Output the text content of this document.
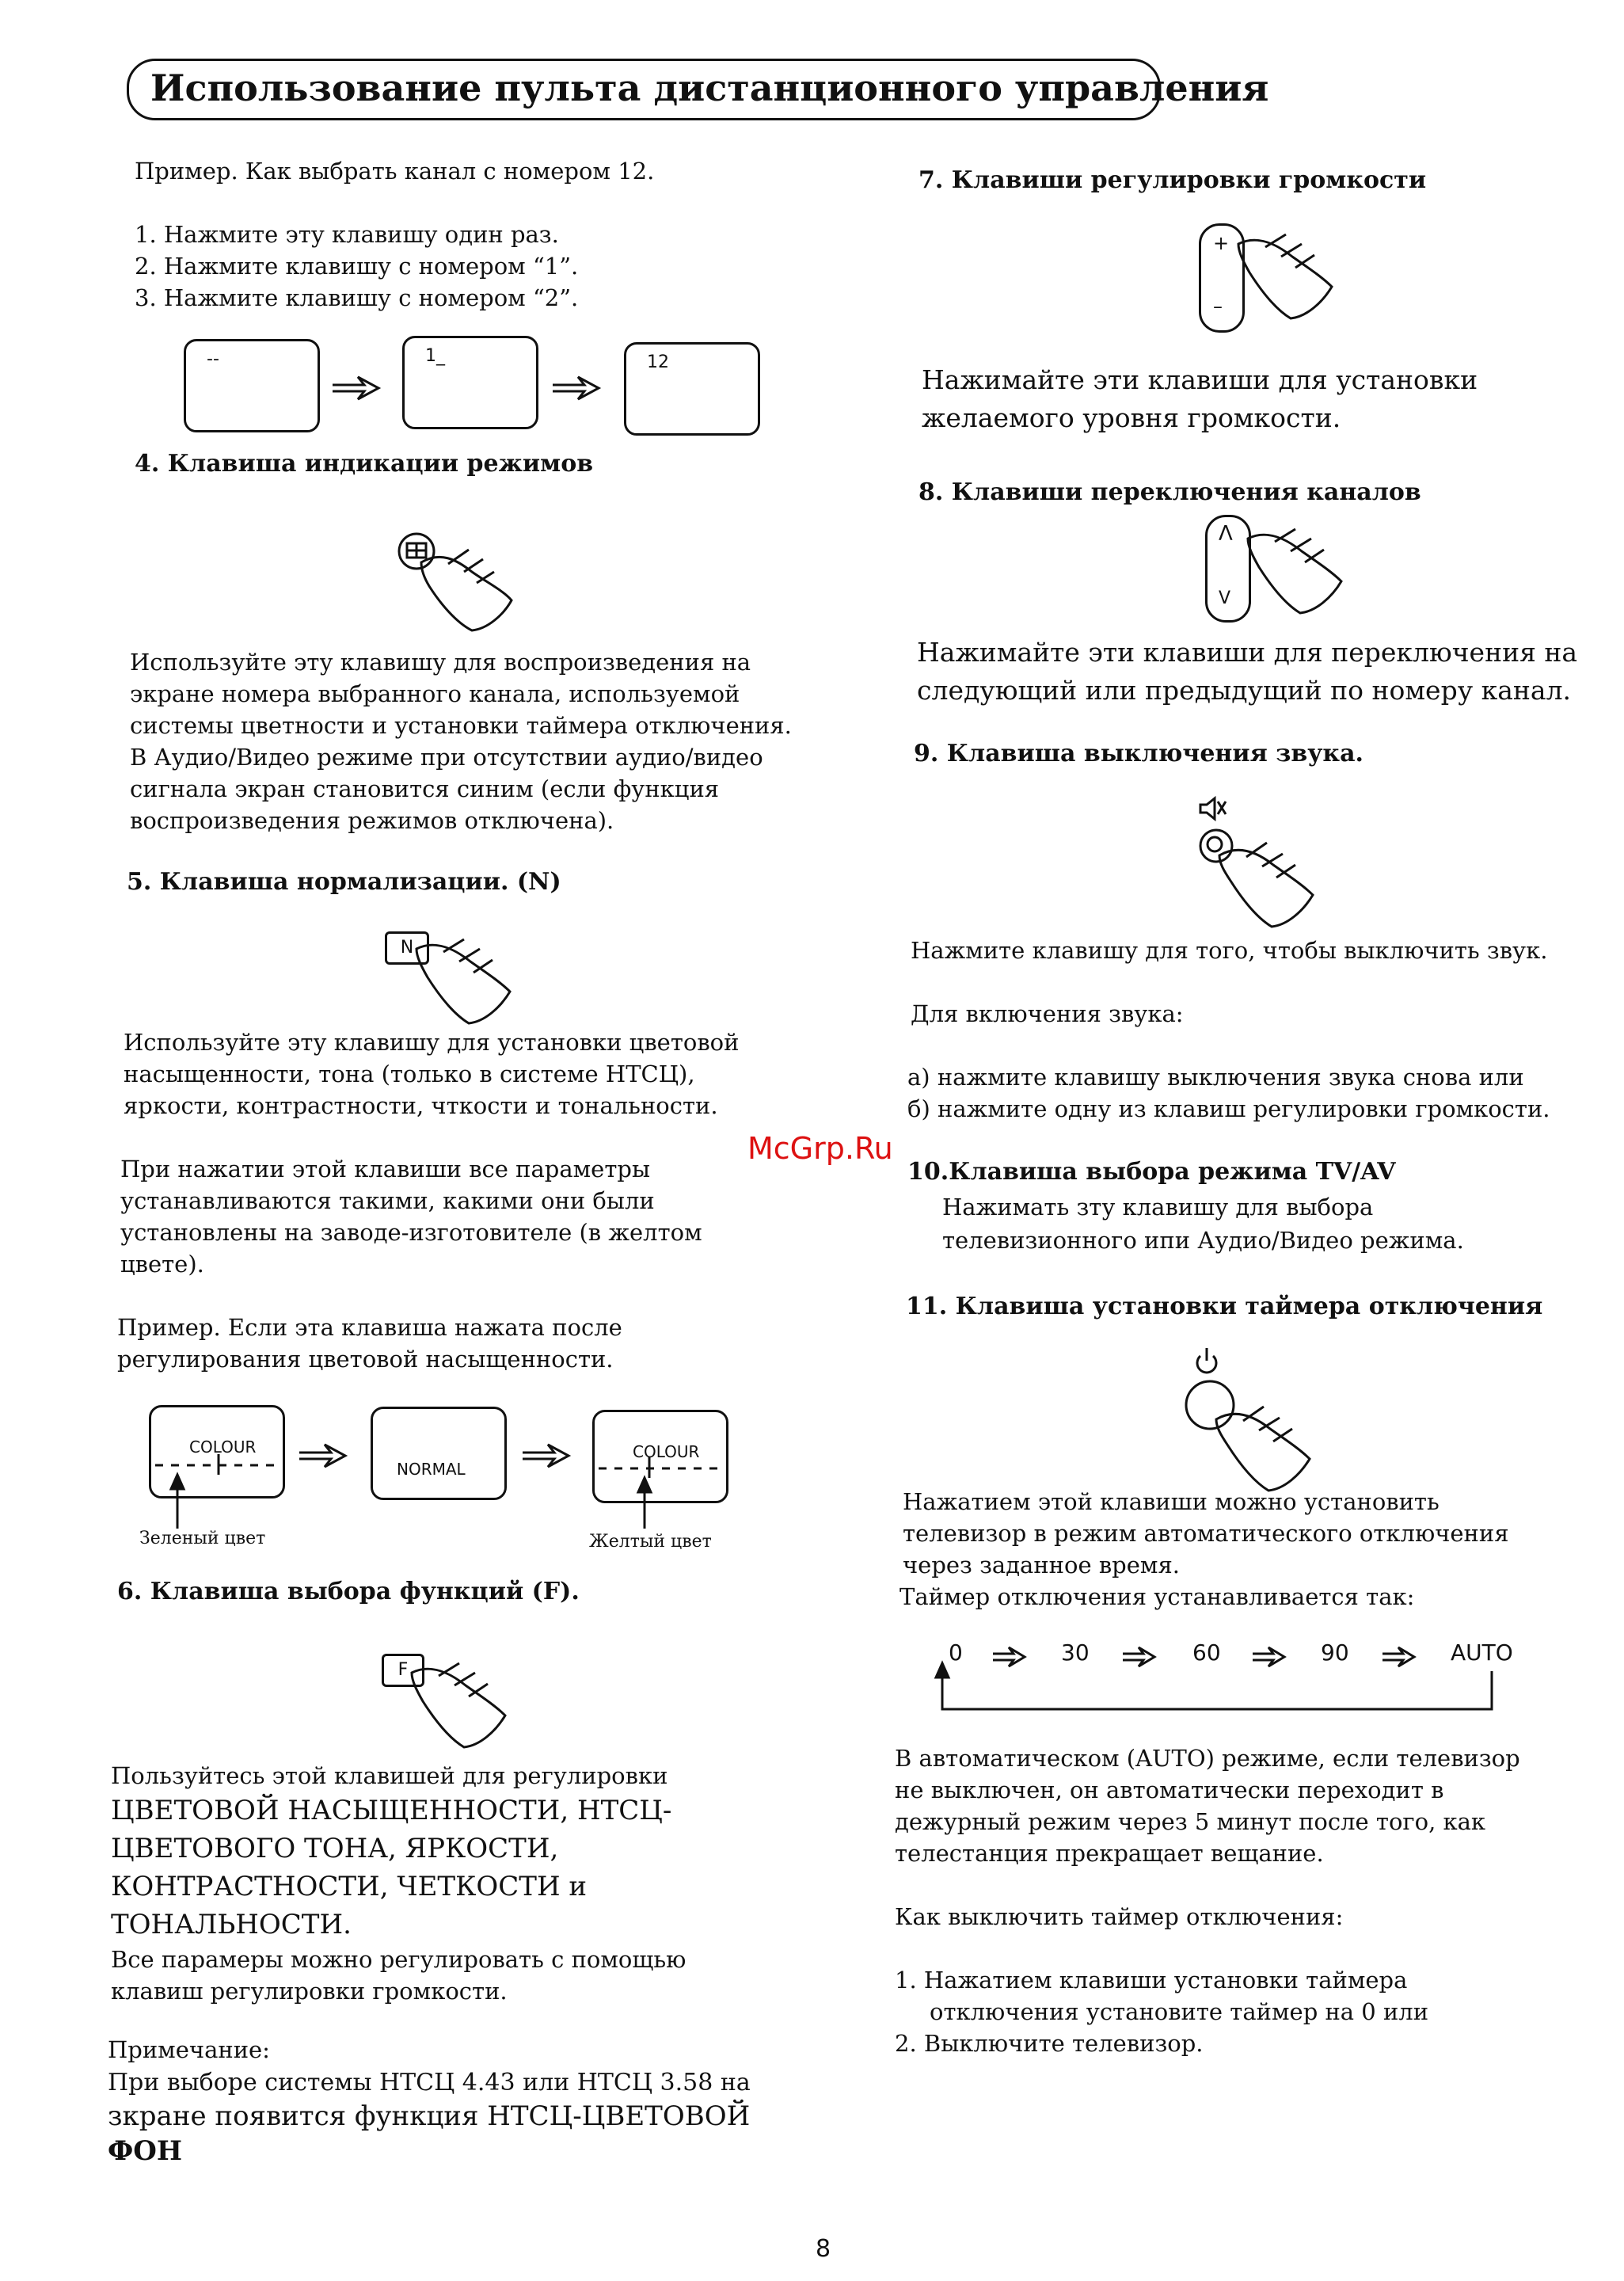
Использование пульта дистанционного управления
Пример. Как выбрать канал с номером 12.
1. Нажмите эту клавишу один раз.
2. Нажмите клавишу с номером “1”.
3. Нажмите клавишу с номером “2”.
--	1_	12
4. Клавиша индикации режимов
Используйте эту клавишу для воспроизведения на
экране номера выбранного канала, используемой
системы цветности и установки таймера отключения.
В Аудио/Видео режиме при отсутствии аудио/видео
сигнала экран становится синим (если функция
воспроизведения режимов отключена).
5. Клавиша нормализации. (N)
N
Используйте эту клавишу для установки цветовой
насыщенности, тона (только в системе НТСЦ),
яркости, контрастности, чткости и тональности.
При нажатии этой клавиши все параметры
устанавливаются такими, какими они были
установлены на заводе-изготовителе (в желтом
цвете).
Пример. Если эта клавиша нажата после
регулирования цветовой насыщенности.
COLOUR
NORMAL
COLOUR
Зеленый цвет	Желтый цвет
6. Клавиша выбора функций (F).
F
Пользуйтесь этой клавишей для регулировки
ЦВЕТОВОЙ НАСЫЩЕННОСТИ, НТСЦ-
ЦВЕТОВОГО ТОНА, ЯРКОСТИ,
КОНТРАСТНОСТИ, ЧЕТКОСТИ и
ТОНАЛЬНОСТИ.
Все парамеры можно регулировать с помощью
клавиш регулировки громкости.
Примечание:
При выборе системы НТСЦ 4.43 или НТСЦ 3.58 на
зкране появится функция НТСЦ-ЦВЕТОВОЙ
ФОН
7. Клавиши регулировки громкости
+
–
Нажимайте эти клавиши для установки
желаемого уровня громкости.
8. Клавиши переключения каналов
Λ
V
Нажимайте эти клавиши для переключения на
следующий или предыдущий по номеру канал.
9. Клавиша выключения звука.
Нажмите клавишу для того, чтобы выключить звук.
Для включения звука:
а) нажмите клавишу выключения звука снова или
б) нажмите одну из клавиш регулировки громкости.
McGrp.Ru
10.Клавиша выбора режима TV/AV
Нажимать зту клавишу для выбора
телевизионного ипи Аудио/Видео режима.
11. Клавиша установки таймера отключения
Нажатием этой клавиши можно установить
телевизор в режим автоматического отключения
через заданное время.
Таймер отключения устанавливается так:
0	30	60	90	AUTO
В автоматическом (AUTO) режиме, если телевизор
не выключен, он автоматически переходит в
дежурный режим через 5 минут после того, как
телестанция прекращает вещание.
Как выключить таймер отключения:
1. Нажатием клавиши установки таймера
отключения установите таймер на 0 или
2. Выключите телевизор.
8
